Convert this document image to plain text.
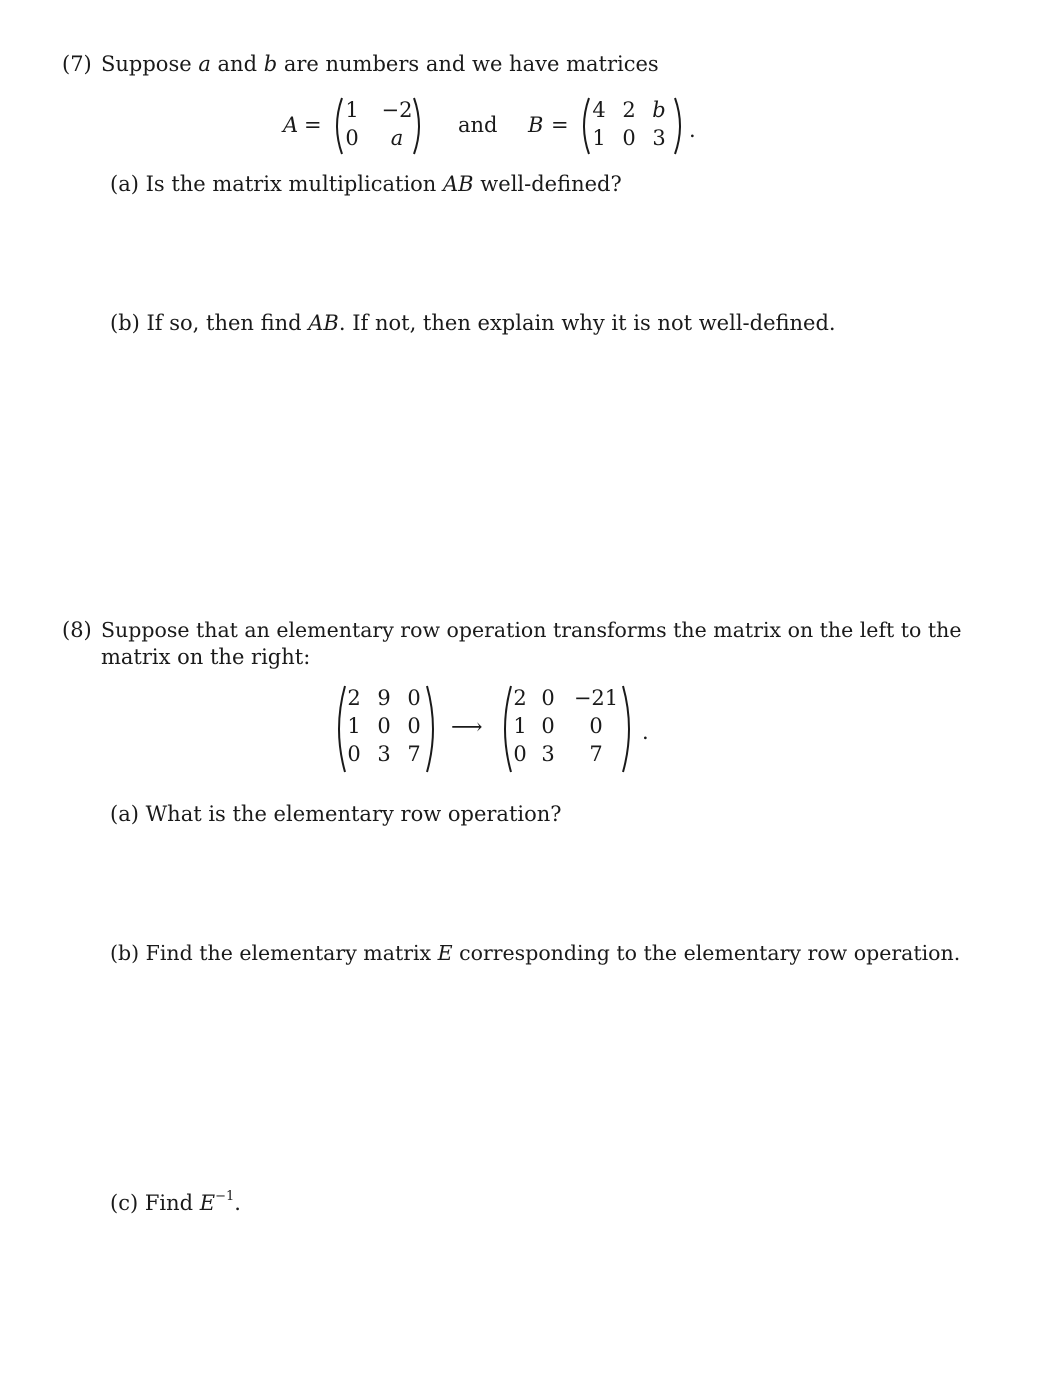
(7) Suppose a and b are numbers and we have matrices
A =
1 −2
0	a
and B =
4 2 b
1 0 3 .
(a) Is the matrix multiplication AB well-defined?
(b) If so, then find AB. If not, then explain why it is not well-defined.
(8) Suppose that an elementary row operation transforms the matrix on the left to the
matrix on the right:
2 9 0
1 0 0
0 3 7
⟶
2 0 −21
1 0	0
0 3	7
.
(a) What is the elementary row operation?
(b) Find the elementary matrix E corresponding to the elementary row operation.
(c) Find $E^{-1}$.
